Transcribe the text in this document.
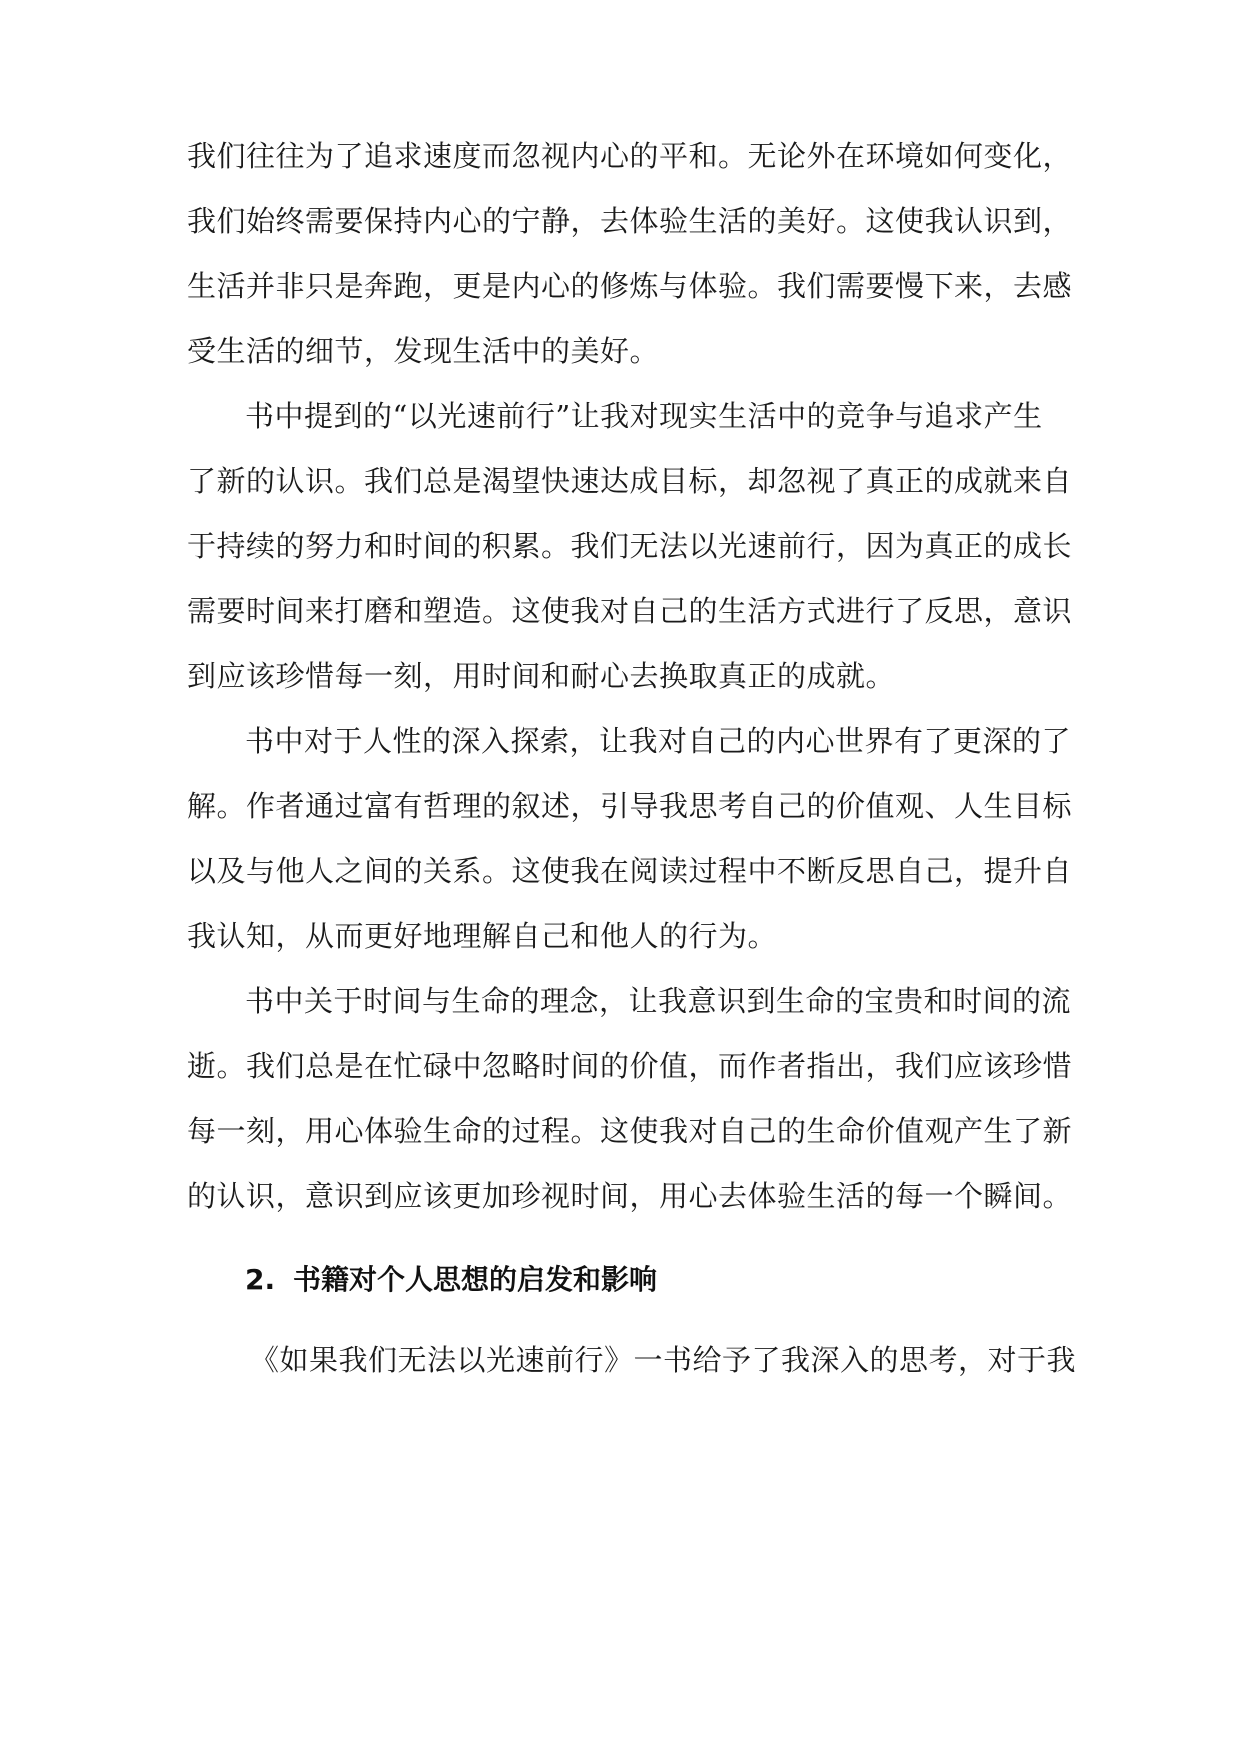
我们往往为了追求速度而忽视内心的平和。无论外在环境如何变化，
我们始终需要保持内心的宁静，去体验生活的美好。这使我认识到，
生活并非只是奔跑，更是内心的修炼与体验。我们需要慢下来，去感
受生活的细节，发现生活中的美好。
书中提到的“以光速前行”让我对现实生活中的竞争与追求产生
了新的认识。我们总是渴望快速达成目标，却忽视了真正的成就来自
于持续的努力和时间的积累。我们无法以光速前行，因为真正的成长
需要时间来打磨和塑造。这使我对自己的生活方式进行了反思，意识
到应该珍惜每一刻，用时间和耐心去换取真正的成就。
书中对于人性的深入探索，让我对自己的内心世界有了更深的了
解。作者通过富有哲理的叙述，引导我思考自己的价值观、人生目标
以及与他人之间的关系。这使我在阅读过程中不断反思自己，提升自
我认知，从而更好地理解自己和他人的行为。
书中关于时间与生命的理念，让我意识到生命的宝贵和时间的流
逝。我们总是在忙碌中忽略时间的价值，而作者指出，我们应该珍惜
每一刻，用心体验生命的过程。这使我对自己的生命价值观产生了新
的认识，意识到应该更加珍视时间，用心去体验生活的每一个瞬间。
2. 书籍对个人思想的启发和影响
《如果我们无法以光速前行》一书给予了我深入的思考，对于我
